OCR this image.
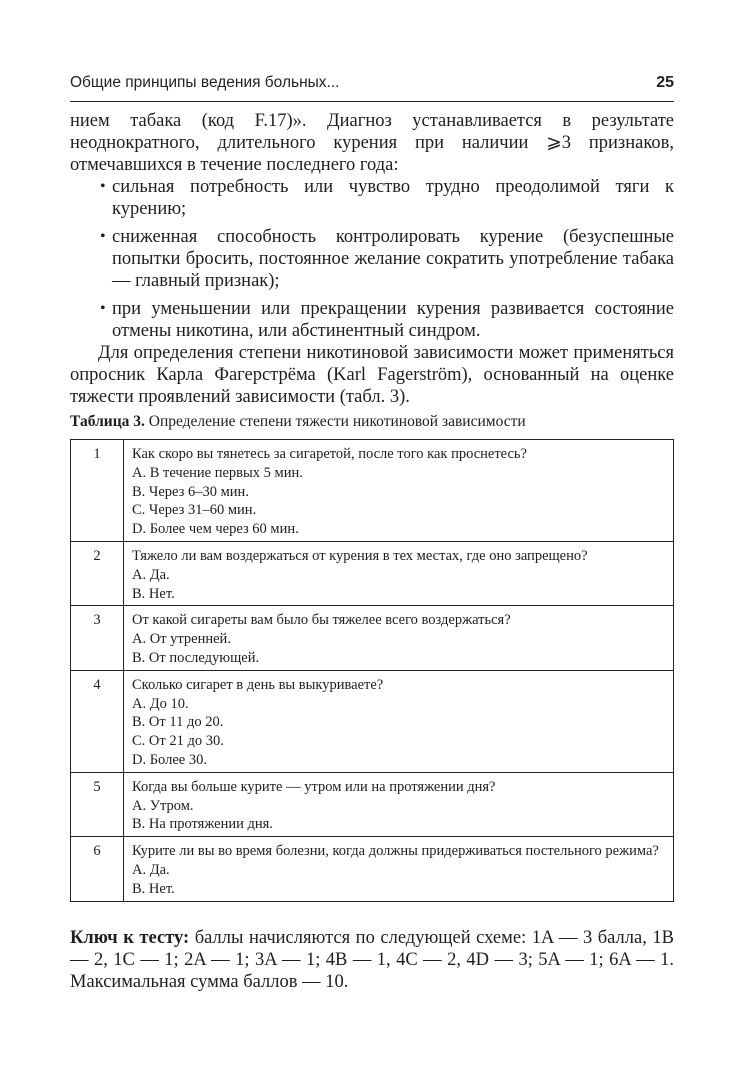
Общие принципы ведения больных...	25

нием табака (код F.17)». Диагноз устанавливается в результате неоднократного, длительного курения при наличии ⩾3 признаков, отмечавшихся в течение последнего года:

• сильная потребность или чувство трудно преодолимой тяги к курению;
• сниженная способность контролировать курение (безуспешные попытки бросить, постоянное желание сократить употребление табака — главный признак);
• при уменьшении или прекращении курения развивается состояние отмены никотина, или абстинентный синдром.

Для определения степени никотиновой зависимости может применяться опросник Карла Фагерстрёма (Karl Fagerström), основанный на оценке тяжести проявлений зависимости (табл. 3).

Таблица 3. Определение степени тяжести никотиновой зависимости
1	Как скоро вы тянетесь за сигаретой, после того как проснетесь?
A. В течение первых 5 мин.
B. Через 6–30 мин.
C. Через 31–60 мин.
D. Более чем через 60 мин.

2	Тяжело ли вам воздержаться от курения в тех местах, где оно запрещено?
A. Да.
B. Нет.

3	От какой сигареты вам было бы тяжелее всего воздержаться?
A. От утренней.
B. От последующей.

4	Сколько сигарет в день вы выкуриваете?
A. До 10.
B. От 11 до 20.
C. От 21 до 30.
D. Более 30.

5	Когда вы больше курите — утром или на протяжении дня?
A. Утром.
B. На протяжении дня.

6	Курите ли вы во время болезни, когда должны придерживаться постельного режима?
A. Да.
B. Нет.
Ключ к тесту: баллы начисляются по следующей схеме: 1A — 3 балла, 1B — 2, 1C — 1; 2A — 1; 3A — 1; 4B — 1, 4C — 2, 4D — 3; 5A — 1; 6A — 1. Максимальная сумма баллов — 10.
